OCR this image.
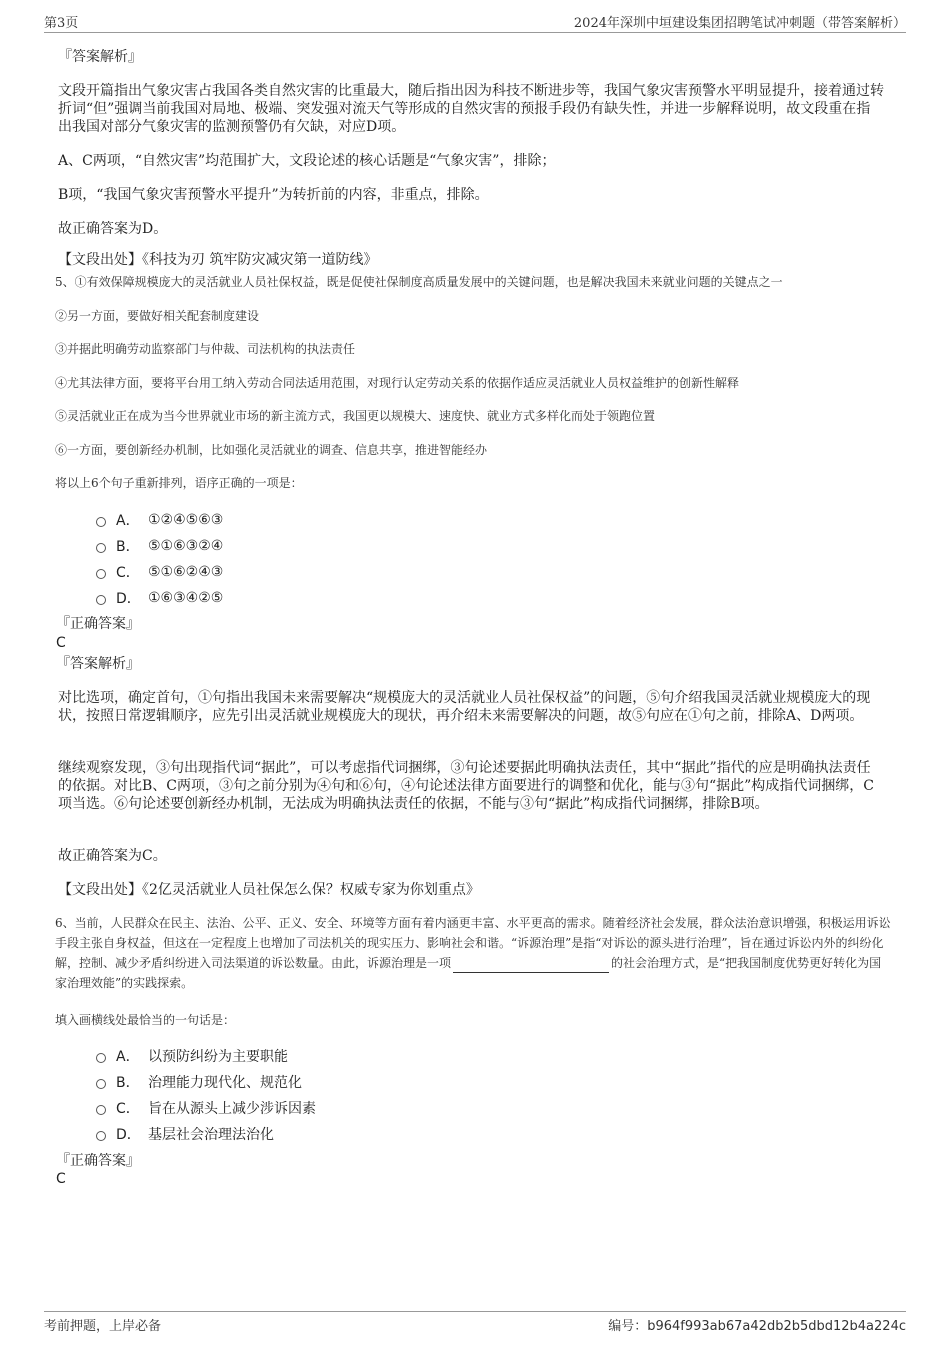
第3页	2024年深圳中垣建设集团招聘笔试冲刺题（带答案解析）
『答案解析』
文段开篇指出气象灾害占我国各类自然灾害的比重最大，随后指出因为科技不断进步等，我国气象灾害预警水平明显提升，接着通过转折词“但”强调当前我国对局地、极端、突发强对流天气等形成的自然灾害的预报手段仍有缺失性，并进一步解释说明，故文段重在指出我国对部分气象灾害的监测预警仍有欠缺，对应D项。
A、C两项，“自然灾害”均范围扩大，文段论述的核心话题是“气象灾害”，排除；
B项，“我国气象灾害预警水平提升”为转折前的内容，非重点，排除。
故正确答案为D。
【文段出处】《科技为刃 筑牢防灾减灾第一道防线》
5、①有效保障规模庞大的灵活就业人员社保权益，既是促使社保制度高质量发展中的关键问题，也是解决我国未来就业问题的关键点之一
②另一方面，要做好相关配套制度建设
③并据此明确劳动监察部门与仲裁、司法机构的执法责任
④尤其法律方面，要将平台用工纳入劳动合同法适用范围，对现行认定劳动关系的依据作适应灵活就业人员权益维护的创新性解释
⑤灵活就业正在成为当今世界就业市场的新主流方式，我国更以规模大、速度快、就业方式多样化而处于领跑位置
⑥一方面，要创新经办机制，比如强化灵活就业的调查、信息共享，推进智能经办
将以上6个句子重新排列，语序正确的一项是：
A． ①②④⑤⑥③
B． ⑤①⑥③②④
C． ⑤①⑥②④③
D． ①⑥③④②⑤
『正确答案』
C
『答案解析』
对比选项，确定首句，①句指出我国未来需要解决“规模庞大的灵活就业人员社保权益”的问题，⑤句介绍我国灵活就业规模庞大的现状，按照日常逻辑顺序，应先引出灵活就业规模庞大的现状，再介绍未来需要解决的问题，故⑤句应在①句之前，排除A、D两项。
继续观察发现，③句出现指代词“据此”，可以考虑指代词捆绑，③句论述要据此明确执法责任，其中“据此”指代的应是明确执法责任的依据。对比B、C两项，③句之前分别为④句和⑥句，④句论述法律方面要进行的调整和优化，能与③句“据此”构成指代词捆绑，C项当选。⑥句论述要创新经办机制，无法成为明确执法责任的依据，不能与③句“据此”构成指代词捆绑，排除B项。
故正确答案为C。
【文段出处】《2亿灵活就业人员社保怎么保？权威专家为你划重点》
6、当前，人民群众在民主、法治、公平、正义、安全、环境等方面有着内涵更丰富、水平更高的需求。随着经济社会发展，群众法治意识增强，积极运用诉讼手段主张自身权益，但这在一定程度上也增加了司法机关的现实压力、影响社会和谐。“诉源治理”是指“对诉讼的源头进行治理”，旨在通过诉讼内外的纠纷化解，控制、减少矛盾纠纷进入司法渠道的诉讼数量。由此，诉源治理是一项	的社会治理方式，是“把我国制度优势更好转化为国家治理效能”的实践探索。
填入画横线处最恰当的一句话是：
A． 以预防纠纷为主要职能
B． 治理能力现代化、规范化
C． 旨在从源头上减少涉诉因素
D． 基层社会治理法治化
『正确答案』
C
考前押题，上岸必备	编号：b964f993ab67a42db2b5dbd12b4a224c
